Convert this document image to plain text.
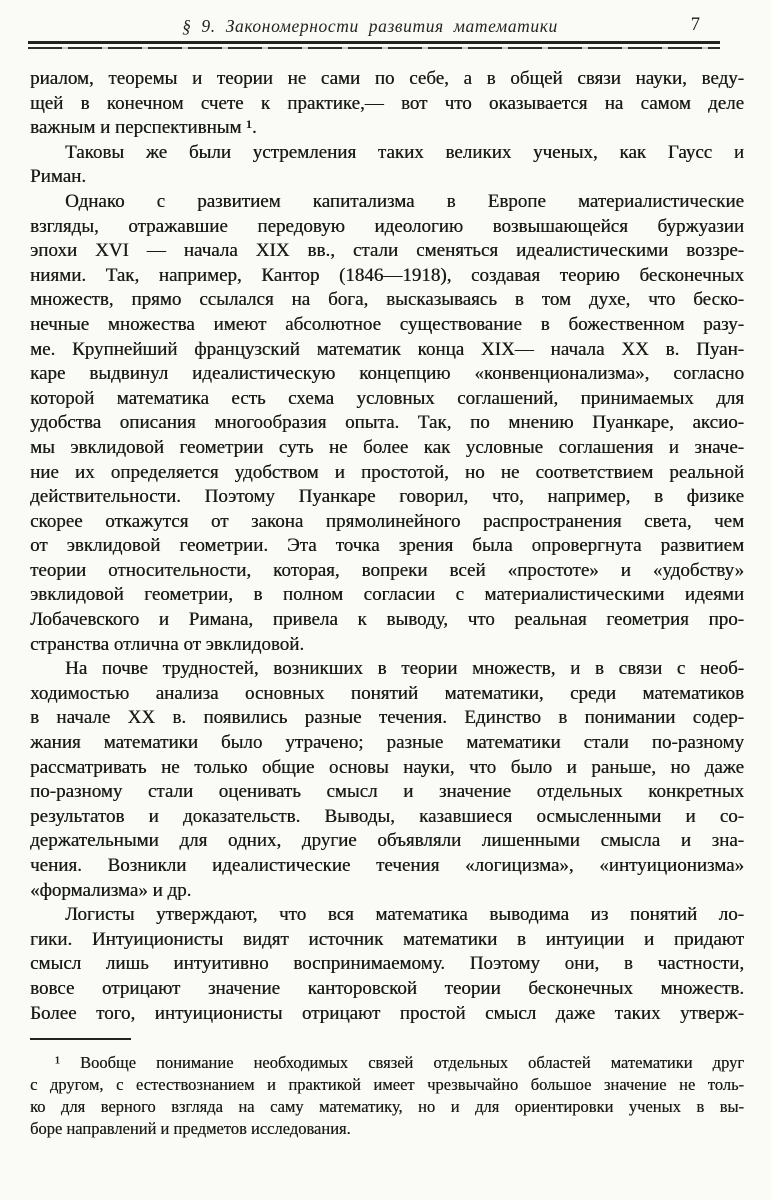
§ 9. Закономерности развития математики	7
риалом, теоремы и теории не сами по себе, а в общей связи науки, веду-
щей в конечном счете к практике,— вот что оказывается на самом деле
важным и перспективным ¹.
Таковы же были устремления таких великих ученых, как Гаусс и
Риман.
Однако с развитием капитализма в Европе материалистические
взгляды, отражавшие передовую идеологию возвышающейся буржуазии
эпохи XVI — начала XIX вв., стали сменяться идеалистическими воззре-
ниями. Так, например, Кантор (1846—1918), создавая теорию бесконечных
множеств, прямо ссылался на бога, высказываясь в том духе, что беско-
нечные множества имеют абсолютное существование в божественном разу-
ме. Крупнейший французский математик конца XIX— начала XX в. Пуан-
каре выдвинул идеалистическую концепцию «конвенционализма», согласно
которой математика есть схема условных соглашений, принимаемых для
удобства описания многообразия опыта. Так, по мнению Пуанкаре, аксио-
мы эвклидовой геометрии суть не более как условные соглашения и значе-
ние их определяется удобством и простотой, но не соответствием реальной
действительности. Поэтому Пуанкаре говорил, что, например, в физике
скорее откажутся от закона прямолинейного распространения света, чем
от эвклидовой геометрии. Эта точка зрения была опровергнута развитием
теории относительности, которая, вопреки всей «простоте» и «удобству»
эвклидовой геометрии, в полном согласии с материалистическими идеями
Лобачевского и Римана, привела к выводу, что реальная геометрия про-
странства отлична от эвклидовой.
На почве трудностей, возникших в теории множеств, и в связи с необ-
ходимостью анализа основных понятий математики, среди математиков
в начале XX в. появились разные течения. Единство в понимании содер-
жания математики было утрачено; разные математики стали по-разному
рассматривать не только общие основы науки, что было и раньше, но даже
по-разному стали оценивать смысл и значение отдельных конкретных
результатов и доказательств. Выводы, казавшиеся осмысленными и со-
держательными для одних, другие объявляли лишенными смысла и зна-
чения. Возникли идеалистические течения «логицизма», «интуиционизма»
«формализма» и др.
Логисты утверждают, что вся математика выводима из понятий ло-
гики. Интуиционисты видят источник математики в интуиции и придают
смысл лишь интуитивно воспринимаемому. Поэтому они, в частности,
вовсе отрицают значение канторовской теории бесконечных множеств.
Более того, интуиционисты отрицают простой смысл даже таких утверж-
¹ Вообще понимание необходимых связей отдельных областей математики друг
с другом, с естествознанием и практикой имеет чрезвычайно большое значение не толь-
ко для верного взгляда на саму математику, но и для ориентировки ученых в вы-
боре направлений и предметов исследования.
